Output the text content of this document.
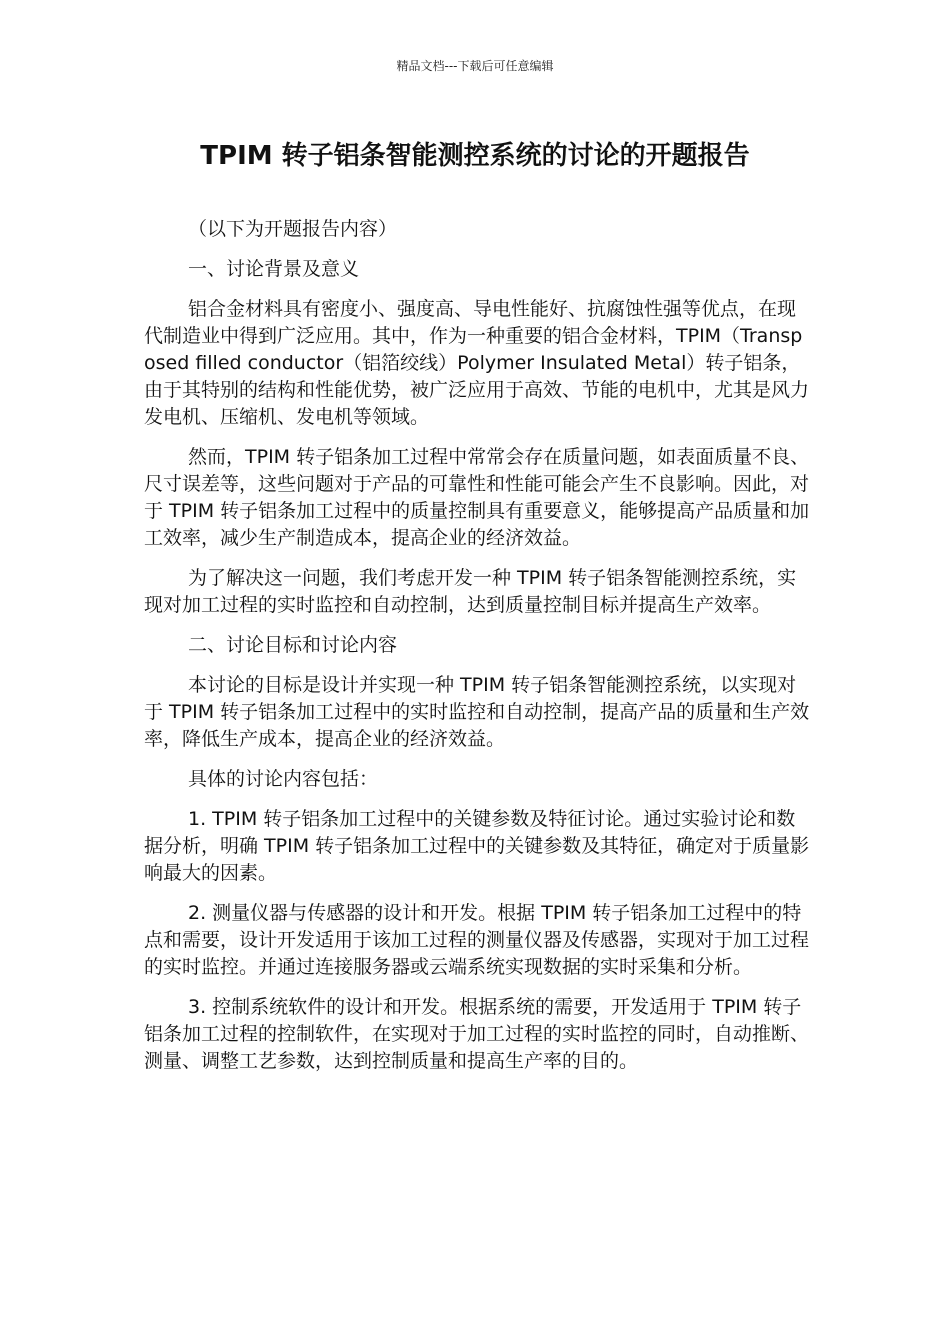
精品文档---下载后可任意编辑
TPIM 转子铝条智能测控系统的讨论的开题报告

（以下为开题报告内容）

一、讨论背景及意义

铝合金材料具有密度小、强度高、导电性能好、抗腐蚀性强等优点，在现代制造业中得到广泛应用。其中，作为一种重要的铝合金材料，TPIM（Transposed filled conductor（铝箔绞线）Polymer Insulated Metal）转子铝条，由于其特别的结构和性能优势，被广泛应用于高效、节能的电机中，尤其是风力发电机、压缩机、发电机等领域。

然而，TPIM 转子铝条加工过程中常常会存在质量问题，如表面质量不良、尺寸误差等，这些问题对于产品的可靠性和性能可能会产生不良影响。因此，对于 TPIM 转子铝条加工过程中的质量控制具有重要意义，能够提高产品质量和加工效率，减少生产制造成本，提高企业的经济效益。

为了解决这一问题，我们考虑开发一种 TPIM 转子铝条智能测控系统，实现对加工过程的实时监控和自动控制，达到质量控制目标并提高生产效率。

二、讨论目标和讨论内容

本讨论的目标是设计并实现一种 TPIM 转子铝条智能测控系统，以实现对于 TPIM 转子铝条加工过程中的实时监控和自动控制，提高产品的质量和生产效率，降低生产成本，提高企业的经济效益。

具体的讨论内容包括：

1. TPIM 转子铝条加工过程中的关键参数及特征讨论。通过实验讨论和数据分析，明确 TPIM 转子铝条加工过程中的关键参数及其特征，确定对于质量影响最大的因素。

2. 测量仪器与传感器的设计和开发。根据 TPIM 转子铝条加工过程中的特点和需要，设计开发适用于该加工过程的测量仪器及传感器，实现对于加工过程的实时监控。并通过连接服务器或云端系统实现数据的实时采集和分析。

3. 控制系统软件的设计和开发。根据系统的需要，开发适用于 TPIM 转子铝条加工过程的控制软件，在实现对于加工过程的实时监控的同时，自动推断、测量、调整工艺参数，达到控制质量和提高生产率的目的。
